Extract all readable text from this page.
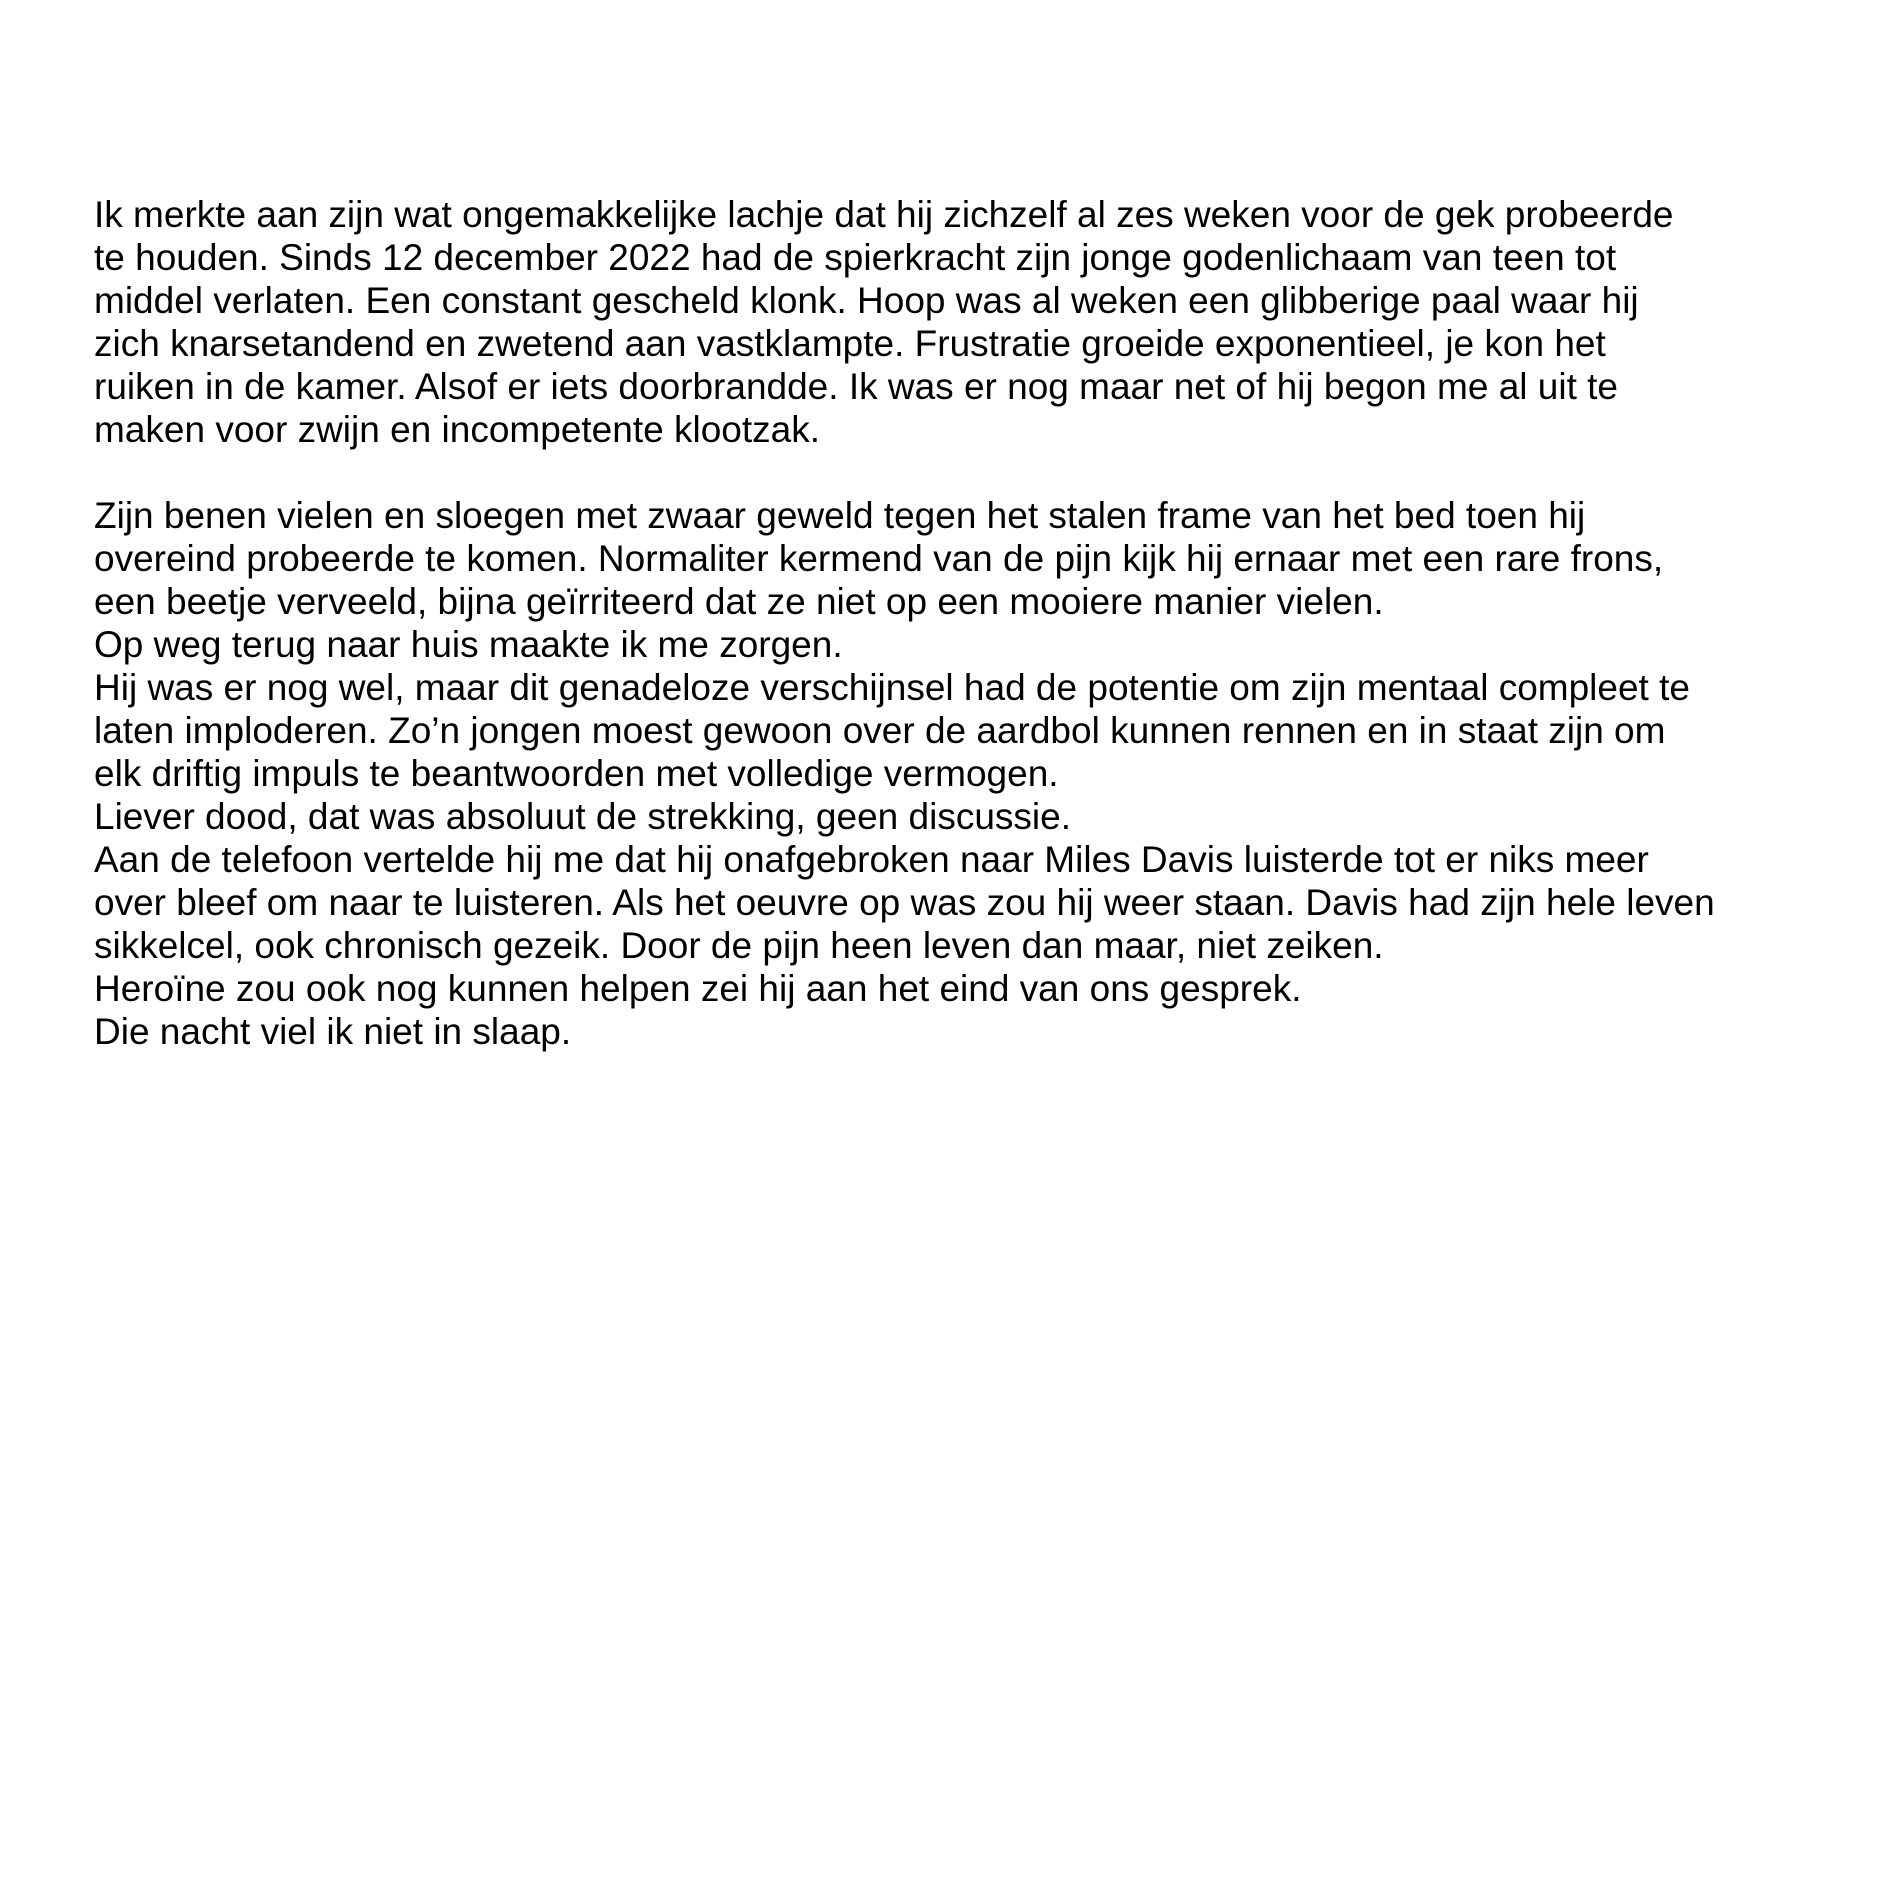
Ik merkte aan zijn wat ongemakkelijke lachje dat hij zichzelf al zes weken voor de gek probeerde
te houden. Sinds 12 december 2022 had de spierkracht zijn jonge godenlichaam van teen tot
middel verlaten. Een constant gescheld klonk. Hoop was al weken een glibberige paal waar hij
zich knarsetandend en zwetend aan vastklampte. Frustratie groeide exponentieel, je kon het
ruiken in de kamer. Alsof er iets doorbrandde. Ik was er nog maar net of hij begon me al uit te
maken voor zwijn en incompetente klootzak.

Zijn benen vielen en sloegen met zwaar geweld tegen het stalen frame van het bed toen hij
overeind probeerde te komen. Normaliter kermend van de pijn kijk hij ernaar met een rare frons,
een beetje verveeld, bijna geïrriteerd dat ze niet op een mooiere manier vielen.
Op weg terug naar huis maakte ik me zorgen.
Hij was er nog wel, maar dit genadeloze verschijnsel had de potentie om zijn mentaal compleet te
laten imploderen. Zo’n jongen moest gewoon over de aardbol kunnen rennen en in staat zijn om
elk driftig impuls te beantwoorden met volledige vermogen.
Liever dood, dat was absoluut de strekking, geen discussie.
Aan de telefoon vertelde hij me dat hij onafgebroken naar Miles Davis luisterde tot er niks meer
over bleef om naar te luisteren. Als het oeuvre op was zou hij weer staan. Davis had zijn hele leven
sikkelcel, ook chronisch gezeik. Door de pijn heen leven dan maar, niet zeiken.
Heroïne zou ook nog kunnen helpen zei hij aan het eind van ons gesprek.
Die nacht viel ik niet in slaap.
